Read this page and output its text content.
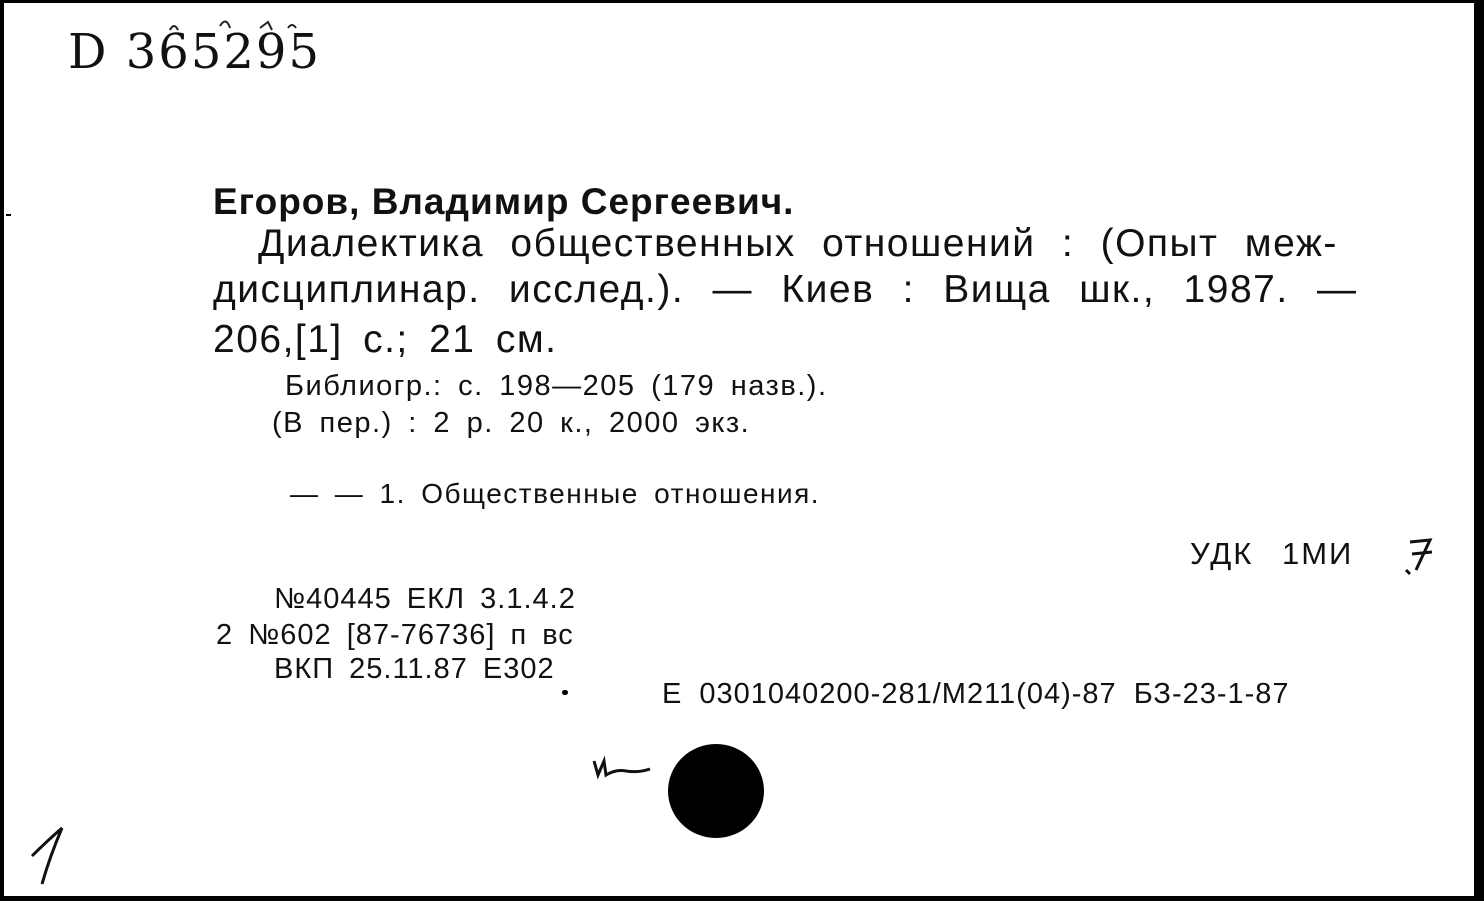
D 365295
Егоров, Владимир Сергеевич.
Диалектика общественных отношений : (Опыт меж-
дисциплинар. исслед.). — Киев : Вища шк., 1987. —
206,[1] с.; 21 см.
Библиогр.: с. 198—205 (179 назв.).
(В пер.) : 2 р. 20 к., 2000 экз.
— — 1. Общественные отношения.
УДК 1МИ
№40445 ЕКЛ 3.1.4.2
2 №602 [87-76736] п вс
ВКП 25.11.87 Е302
Е 0301040200-281/М211(04)-87 БЗ-23-1-87
